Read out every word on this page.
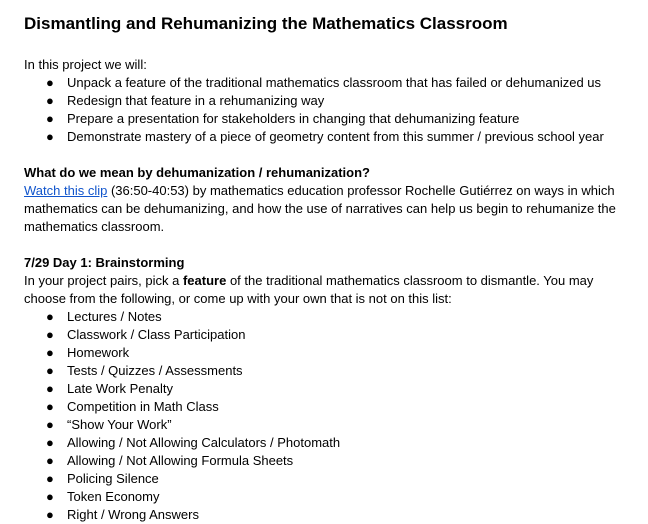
Dismantling and Rehumanizing the Mathematics Classroom

In this project we will:

● Unpack a feature of the traditional mathematics classroom that has failed or dehumanized us
● Redesign that feature in a rehumanizing way
● Prepare a presentation for stakeholders in changing that dehumanizing feature
● Demonstrate mastery of a piece of geometry content from this summer / previous school year

What do we mean by dehumanization / rehumanization?

Watch this clip (36:50-40:53) by mathematics education professor Rochelle Gutiérrez on ways in which

mathematics can be dehumanizing, and how the use of narratives can help us begin to rehumanize the

mathematics classroom.

7/29 Day 1: Brainstorming

In your project pairs, pick a feature of the traditional mathematics classroom to dismantle. You may

choose from the following, or come up with your own that is not on this list:

● Lectures / Notes
● Classwork / Class Participation
● Homework
● Tests / Quizzes / Assessments
● Late Work Penalty
● Competition in Math Class
● “Show Your Work”
● Allowing / Not Allowing Calculators / Photomath
● Allowing / Not Allowing Formula Sheets
● Policing Silence
● Token Economy
● Right / Wrong Answers
